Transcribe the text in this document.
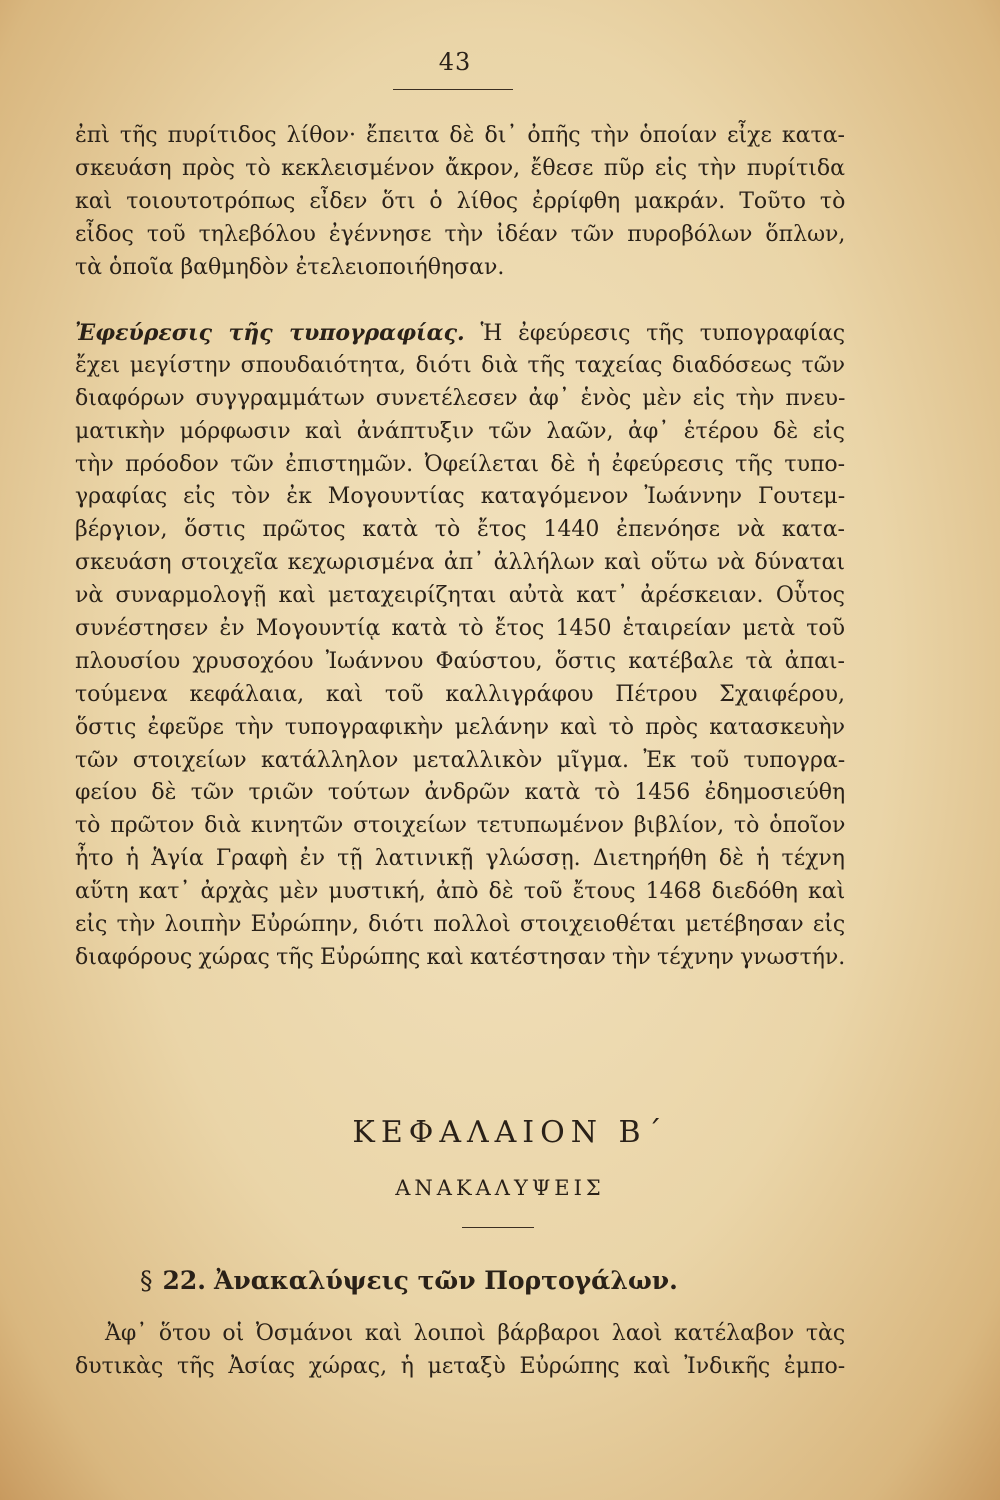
43
ἐπὶ τῆς πυρίτιδος λίθον· ἔπειτα δὲ δι᾽ ὀπῆς τὴν ὁποίαν εἶχε κατα-
σκευάση πρὸς τὸ κεκλεισμένον ἄκρον, ἔθεσε πῦρ εἰς τὴν πυρίτιδα
καὶ τοιουτοτρόπως εἶδεν ὅτι ὁ λίθος ἐρρίφθη μακράν. Τοῦτο τὸ
εἶδος τοῦ τηλεβόλου ἐγέννησε τὴν ἰδέαν τῶν πυροβόλων ὅπλων,
τὰ ὁποῖα βαθμηδὸν ἐτελειοποιήθησαν.
Ἐφεύρεσις τῆς τυπογραφίας. Ἡ ἐφεύρεσις τῆς τυπογραφίας
ἔχει μεγίστην σπουδαιότητα, διότι διὰ τῆς ταχείας διαδόσεως τῶν
διαφόρων συγγραμμάτων συνετέλεσεν ἀφ᾽ ἑνὸς μὲν εἰς τὴν πνευ-
ματικὴν μόρφωσιν καὶ ἀνάπτυξιν τῶν λαῶν, ἀφ᾽ ἑτέρου δὲ εἰς
τὴν πρόοδον τῶν ἐπιστημῶν. Ὀφείλεται δὲ ἡ ἐφεύρεσις τῆς τυπο-
γραφίας εἰς τὸν ἐκ Μογουντίας καταγόμενον Ἰωάννην Γουτεμ-
βέργιον, ὅστις πρῶτος κατὰ τὸ ἔτος 1440 ἐπενόησε νὰ κατα-
σκευάση στοιχεῖα κεχωρισμένα ἀπ᾽ ἀλλήλων καὶ οὕτω νὰ δύναται
νὰ συναρμολογῇ καὶ μεταχειρίζηται αὐτὰ κατ᾽ ἀρέσκειαν. Οὗτος
συνέστησεν ἐν Μογουντίᾳ κατὰ τὸ ἔτος 1450 ἑταιρείαν μετὰ τοῦ
πλουσίου χρυσοχόου Ἰωάννου Φαύστου, ὅστις κατέβαλε τὰ ἀπαι-
τούμενα κεφάλαια, καὶ τοῦ καλλιγράφου Πέτρου Σχαιφέρου,
ὅστις ἐφεῦρε τὴν τυπογραφικὴν μελάνην καὶ τὸ πρὸς κατασκευὴν
τῶν στοιχείων κατάλληλον μεταλλικὸν μῖγμα. Ἐκ τοῦ τυπογρα-
φείου δὲ τῶν τριῶν τούτων ἀνδρῶν κατὰ τὸ 1456 ἐδημοσιεύθη
τὸ πρῶτον διὰ κινητῶν στοιχείων τετυπωμένον βιβλίον, τὸ ὁποῖον
ἦτο ἡ Ἁγία Γραφὴ ἐν τῇ λατινικῇ γλώσσῃ. Διετηρήθη δὲ ἡ τέχνη
αὕτη κατ᾽ ἀρχὰς μὲν μυστική, ἀπὸ δὲ τοῦ ἔτους 1468 διεδόθη καὶ
εἰς τὴν λοιπὴν Εὐρώπην, διότι πολλοὶ στοιχειοθέται μετέβησαν εἰς
διαφόρους χώρας τῆς Εὐρώπης καὶ κατέστησαν τὴν τέχνην γνωστήν.
ΚΕΦΑΛΑΙΟΝ Β΄
ΑΝΑΚΑΛΥΨΕΙΣ
§ 22. Ἀνακαλύψεις τῶν Πορτογάλων.
Ἀφ᾽ ὅτου οἱ Ὀσμάνοι καὶ λοιποὶ βάρβαροι λαοὶ κατέλαβον τὰς
δυτικὰς τῆς Ἀσίας χώρας, ἡ μεταξὺ Εὐρώπης καὶ Ἰνδικῆς ἐμπο-
